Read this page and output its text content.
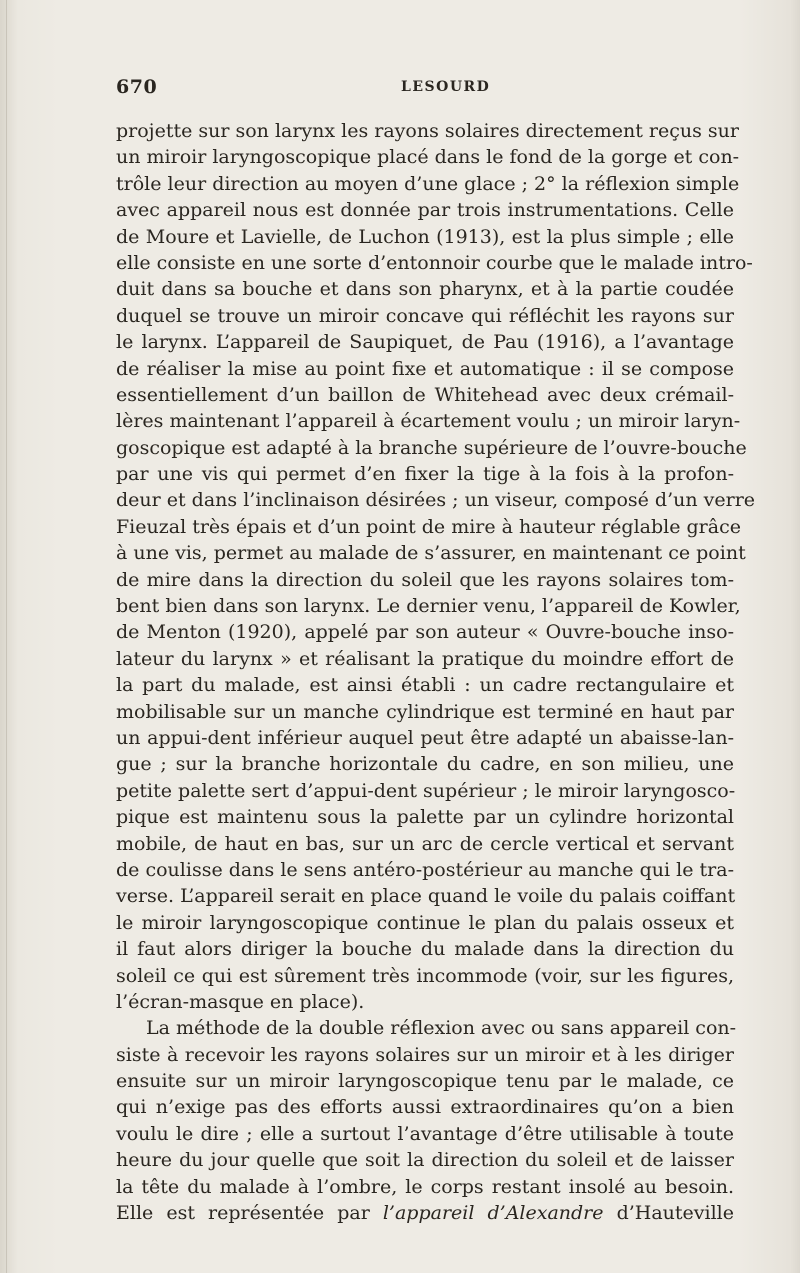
670	LESOURD
projette sur son larynx les rayons solaires directement reçus sur
un miroir laryngoscopique placé dans le fond de la gorge et con-
trôle leur direction au moyen d’une glace ; 2° la réflexion simple
avec appareil nous est donnée par trois instrumentations. Celle
de Moure et Lavielle, de Luchon (1913), est la plus simple ; elle
elle consiste en une sorte d’entonnoir courbe que le malade intro-
duit dans sa bouche et dans son pharynx, et à la partie coudée
duquel se trouve un miroir concave qui réfléchit les rayons sur
le larynx. L’appareil de Saupiquet, de Pau (1916), a l’avantage
de réaliser la mise au point fixe et automatique : il se compose
essentiellement d’un baillon de Whitehead avec deux crémail-
lères maintenant l’appareil à écartement voulu ; un miroir laryn-
goscopique est adapté à la branche supérieure de l’ouvre-bouche
par une vis qui permet d’en fixer la tige à la fois à la profon-
deur et dans l’inclinaison désirées ; un viseur, composé d’un verre
Fieuzal très épais et d’un point de mire à hauteur réglable grâce
à une vis, permet au malade de s’assurer, en maintenant ce point
de mire dans la direction du soleil que les rayons solaires tom-
bent bien dans son larynx. Le dernier venu, l’appareil de Kowler,
de Menton (1920), appelé par son auteur « Ouvre-bouche inso-
lateur du larynx » et réalisant la pratique du moindre effort de
la part du malade, est ainsi établi : un cadre rectangulaire et
mobilisable sur un manche cylindrique est terminé en haut par
un appui-dent inférieur auquel peut être adapté un abaisse-lan-
gue ; sur la branche horizontale du cadre, en son milieu, une
petite palette sert d’appui-dent supérieur ; le miroir laryngosco-
pique est maintenu sous la palette par un cylindre horizontal
mobile, de haut en bas, sur un arc de cercle vertical et servant
de coulisse dans le sens antéro-postérieur au manche qui le tra-
verse. L’appareil serait en place quand le voile du palais coiffant
le miroir laryngoscopique continue le plan du palais osseux et
il faut alors diriger la bouche du malade dans la direction du
soleil ce qui est sûrement très incommode (voir, sur les figures,
l’écran-masque en place).
La méthode de la double réflexion avec ou sans appareil con-
siste à recevoir les rayons solaires sur un miroir et à les diriger
ensuite sur un miroir laryngoscopique tenu par le malade, ce
qui n’exige pas des efforts aussi extraordinaires qu’on a bien
voulu le dire ; elle a surtout l’avantage d’être utilisable à toute
heure du jour quelle que soit la direction du soleil et de laisser
la tête du malade à l’ombre, le corps restant insolé au besoin.
Elle est représentée par l’appareil d’Alexandre d’Hauteville
